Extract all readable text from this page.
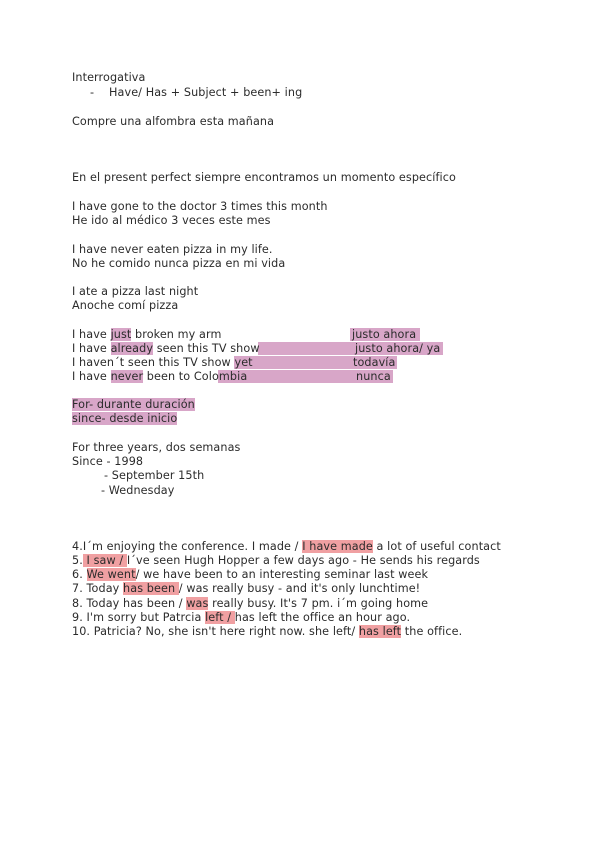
Interrogativa
- Have/ Has + Subject + been+ ing
Compre una alfombra esta mañana
En el present perfect siempre encontramos un momento específico
I have gone to the doctor 3 times this month
He ido al médico 3 veces este mes
I have never eaten pizza in my life.
No he comido nunca pizza en mi vida
I ate a pizza last night
Anoche comí pizza
I have just broken my arm	justo ahora
I have already seen this TV show	justo ahora/ ya
I haven´t seen this TV show yet	todavía
I have never been to Colombia	nunca
For- durante duración
since- desde inicio
For three years, dos semanas
Since - 1998
- September 15th
- Wednesday
4.I´m enjoying the conference. I made / I have made a lot of useful contact
5. I saw / I´ve seen Hugh Hopper a few days ago - He sends his regards
6. We went/ we have been to an interesting seminar last week
7. Today has been / was really busy - and it's only lunchtime!
8. Today has been / was really busy. It's 7 pm. i´m going home
9. I'm sorry but Patrcia left / has left the office an hour ago.
10. Patricia? No, she isn't here right now. she left/ has left the office.
